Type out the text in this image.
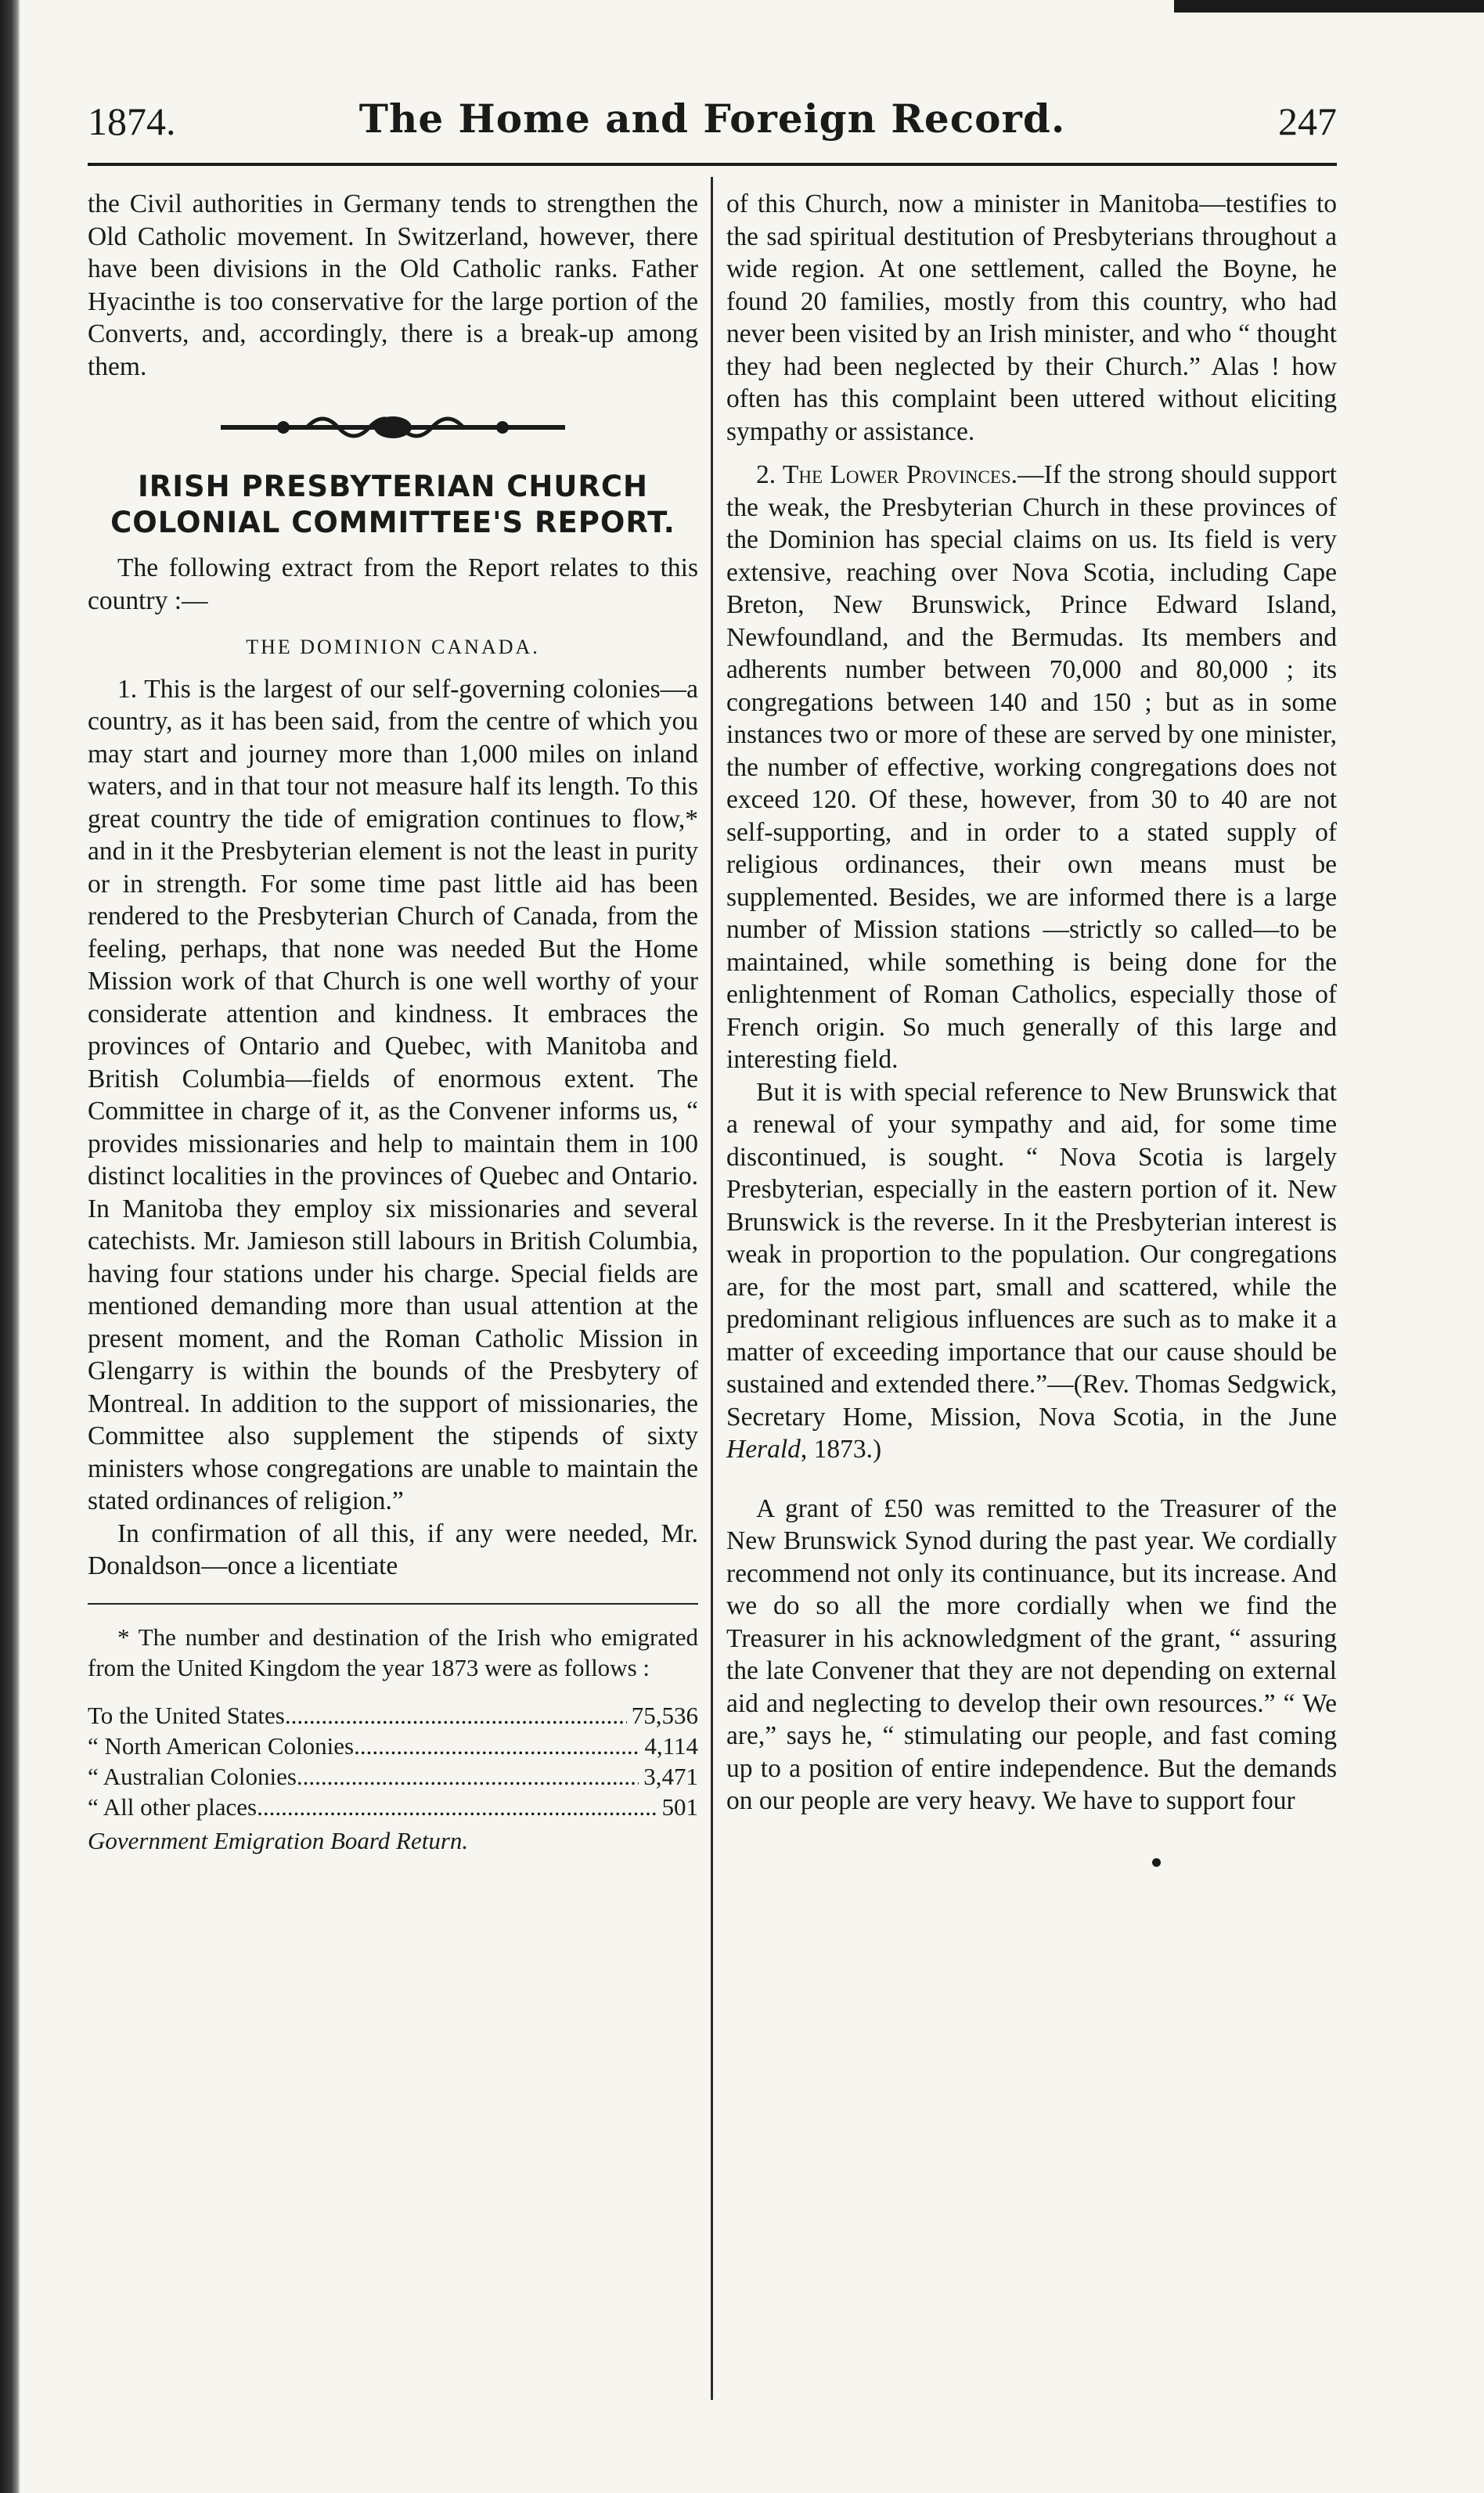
1874.	The Home and Foreign Record.	247

the Civil authorities in Germany tends to strengthen the Old Catholic movement. In Switzerland, however, there have been divisions in the Old Catholic ranks. Father Hyacinthe is too conservative for the large portion of the Converts, and, accordingly, there is a break-up among them.

IRISH PRESBYTERIAN CHURCH COLONIAL COMMITTEE'S REPORT.

The following extract from the Report relates to this country :—

THE DOMINION CANADA.

1. This is the largest of our self-governing colonies—a country, as it has been said, from the centre of which you may start and journey more than 1,000 miles on inland waters, and in that tour not measure half its length. To this great country the tide of emigration continues to flow,* and in it the Presbyterian element is not the least in purity or in strength. For some time past little aid has been rendered to the Presbyterian Church of Canada, from the feeling, perhaps, that none was needed But the Home Mission work of that Church is one well worthy of your considerate attention and kindness. It embraces the provinces of Ontario and Quebec, with Manitoba and British Columbia—fields of enormous extent. The Committee in charge of it, as the Convener informs us, “ provides missionaries and help to maintain them in 100 distinct localities in the provinces of Quebec and Ontario. In Manitoba they employ six missionaries and several catechists. Mr. Jamieson still labours in British Columbia, having four stations under his charge. Special fields are mentioned demanding more than usual attention at the present moment, and the Roman Catholic Mission in Glengarry is within the bounds of the Presbytery of Montreal. In addition to the support of missionaries, the Committee also supplement the stipends of sixty ministers whose congregations are unable to maintain the stated ordinances of religion.”

In confirmation of all this, if any were needed, Mr. Donaldson—once a licentiate

* The number and destination of the Irish who emigrated from the United Kingdom the year 1873 were as follows :

To the United States .....	75,536
“ North American Colonies .....	4,114
“ Australian Colonies .....	3,471
“ All other places .....	501
Government Emigration Board Return.

of this Church, now a minister in Manitoba—testifies to the sad spiritual destitution of Presbyterians throughout a wide region. At one settlement, called the Boyne, he found 20 families, mostly from this country, who had never been visited by an Irish minister, and who “ thought they had been neglected by their Church.” Alas ! how often has this complaint been uttered without eliciting sympathy or assistance.

2. The Lower Provinces.—If the strong should support the weak, the Presbyterian Church in these provinces of the Dominion has special claims on us. Its field is very extensive, reaching over Nova Scotia, including Cape Breton, New Brunswick, Prince Edward Island, Newfoundland, and the Bermudas. Its members and adherents number between 70,000 and 80,000 ; its congregations between 140 and 150 ; but as in some instances two or more of these are served by one minister, the number of effective, working congregations does not exceed 120. Of these, however, from 30 to 40 are not self-supporting, and in order to a stated supply of religious ordinances, their own means must be supplemented. Besides, we are informed there is a large number of Mission stations —strictly so called—to be maintained, while something is being done for the enlightenment of Roman Catholics, especially those of French origin. So much generally of this large and interesting field.

But it is with special reference to New Brunswick that a renewal of your sympathy and aid, for some time discontinued, is sought. “ Nova Scotia is largely Presbyterian, especially in the eastern portion of it. New Brunswick is the reverse. In it the Presbyterian interest is weak in proportion to the population. Our congregations are, for the most part, small and scattered, while the predominant religious influences are such as to make it a matter of exceeding importance that our cause should be sustained and extended there.”—(Rev. Thomas Sedgwick, Secretary Home, Mission, Nova Scotia, in the June Herald, 1873.)

A grant of £50 was remitted to the Treasurer of the New Brunswick Synod during the past year. We cordially recommend not only its continuance, but its increase. And we do so all the more cordially when we find the Treasurer in his acknowledgment of the grant, “ assuring the late Convener that they are not depending on external aid and neglecting to develop their own resources.” “ We are,” says he, “ stimulating our people, and fast coming up to a position of entire independence. But the demands on our people are very heavy. We have to support four
